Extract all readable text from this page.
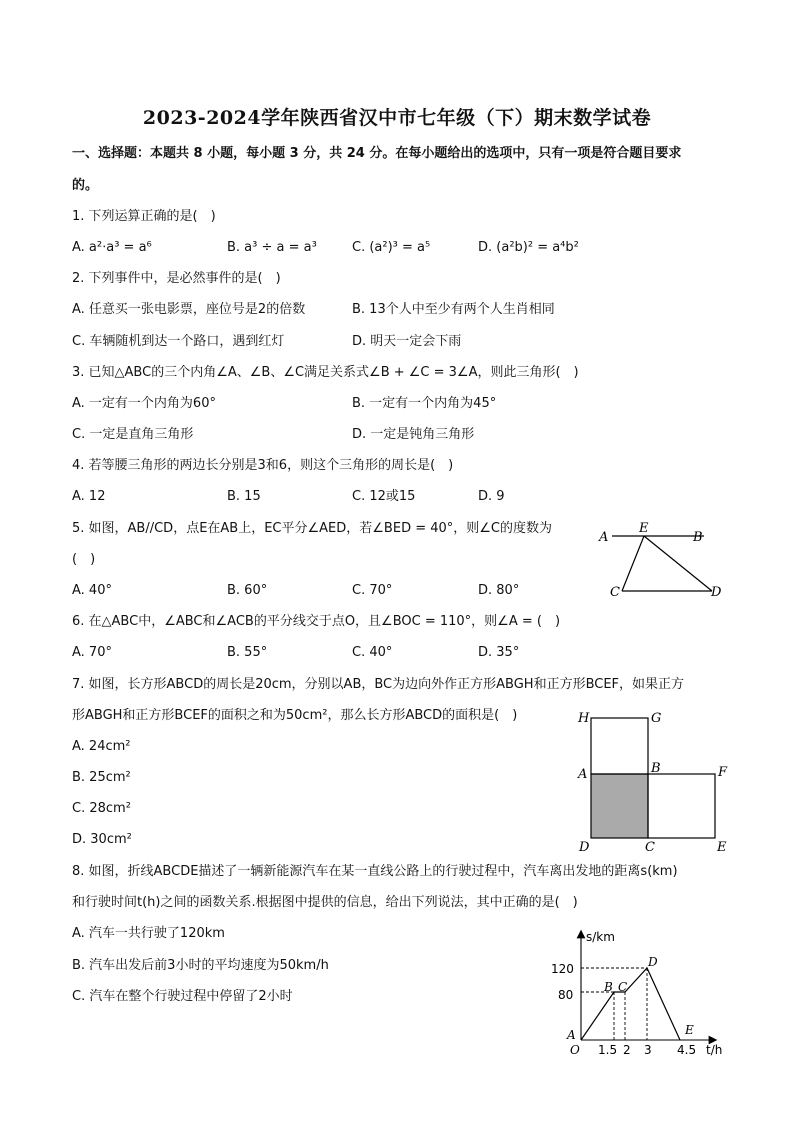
2023-2024学年陕西省汉中市七年级（下）期末数学试卷
一、选择题：本题共 8 小题，每小题 3 分，共 24 分。在每小题给出的选项中，只有一项是符合题目要求
的。
1. 下列运算正确的是(　)
A. a²⋅a³ = a⁶	B. a³ ÷ a = a³	C. (a²)³ = a⁵	D. (a²b)² = a⁴b²
2. 下列事件中，是必然事件的是(　)
A. 任意买一张电影票，座位号是2的倍数	B. 13个人中至少有两个人生肖相同
C. 车辆随机到达一个路口，遇到红灯	D. 明天一定会下雨
3. 已知△ABC的三个内角∠A、∠B、∠C满足关系式∠B + ∠C = 3∠A，则此三角形(　)
A. 一定有一个内角为60°	B. 一定有一个内角为45°
C. 一定是直角三角形	D. 一定是钝角三角形
4. 若等腰三角形的两边长分别是3和6，则这个三角形的周长是(　)
A. 12	B. 15	C. 12或15	D. 9
5. 如图，AB//CD，点E在AB上，EC平分∠AED，若∠BED = 40°，则∠C的度数为
(　)
A. 40°	B. 60°	C. 70°	D. 80°
A
E
B
C	D
6. 在△ABC中，∠ABC和∠ACB的平分线交于点O，且∠BOC = 110°，则∠A = (　)
A. 70°	B. 55°	C. 40°	D. 35°
7. 如图，长方形ABCD的周长是20cm，分别以AB，BC为边向外作正方形ABGH和正方形BCEF，如果正方
形ABGH和正方形BCEF的面积之和为50cm²，那么长方形ABCD的面积是(　)
A. 24cm²
B. 25cm²
C. 28cm²
D. 30cm²
H	G
A	B	F
D	C	E
8. 如图，折线ABCDE描述了一辆新能源汽车在某一直线公路上的行驶过程中，汽车离出发地的距离s(km)
和行驶时间t(h)之间的函数关系.根据图中提供的信息，给出下列说法，其中正确的是(　)
A. 汽车一共行驶了120km
B. 汽车出发后前3小时的平均速度为50km/h
C. 汽车在整个行驶过程中停留了2小时
s/km
t/h
O
120
80
1.5 2 3 4.5
A
B C
D
E
